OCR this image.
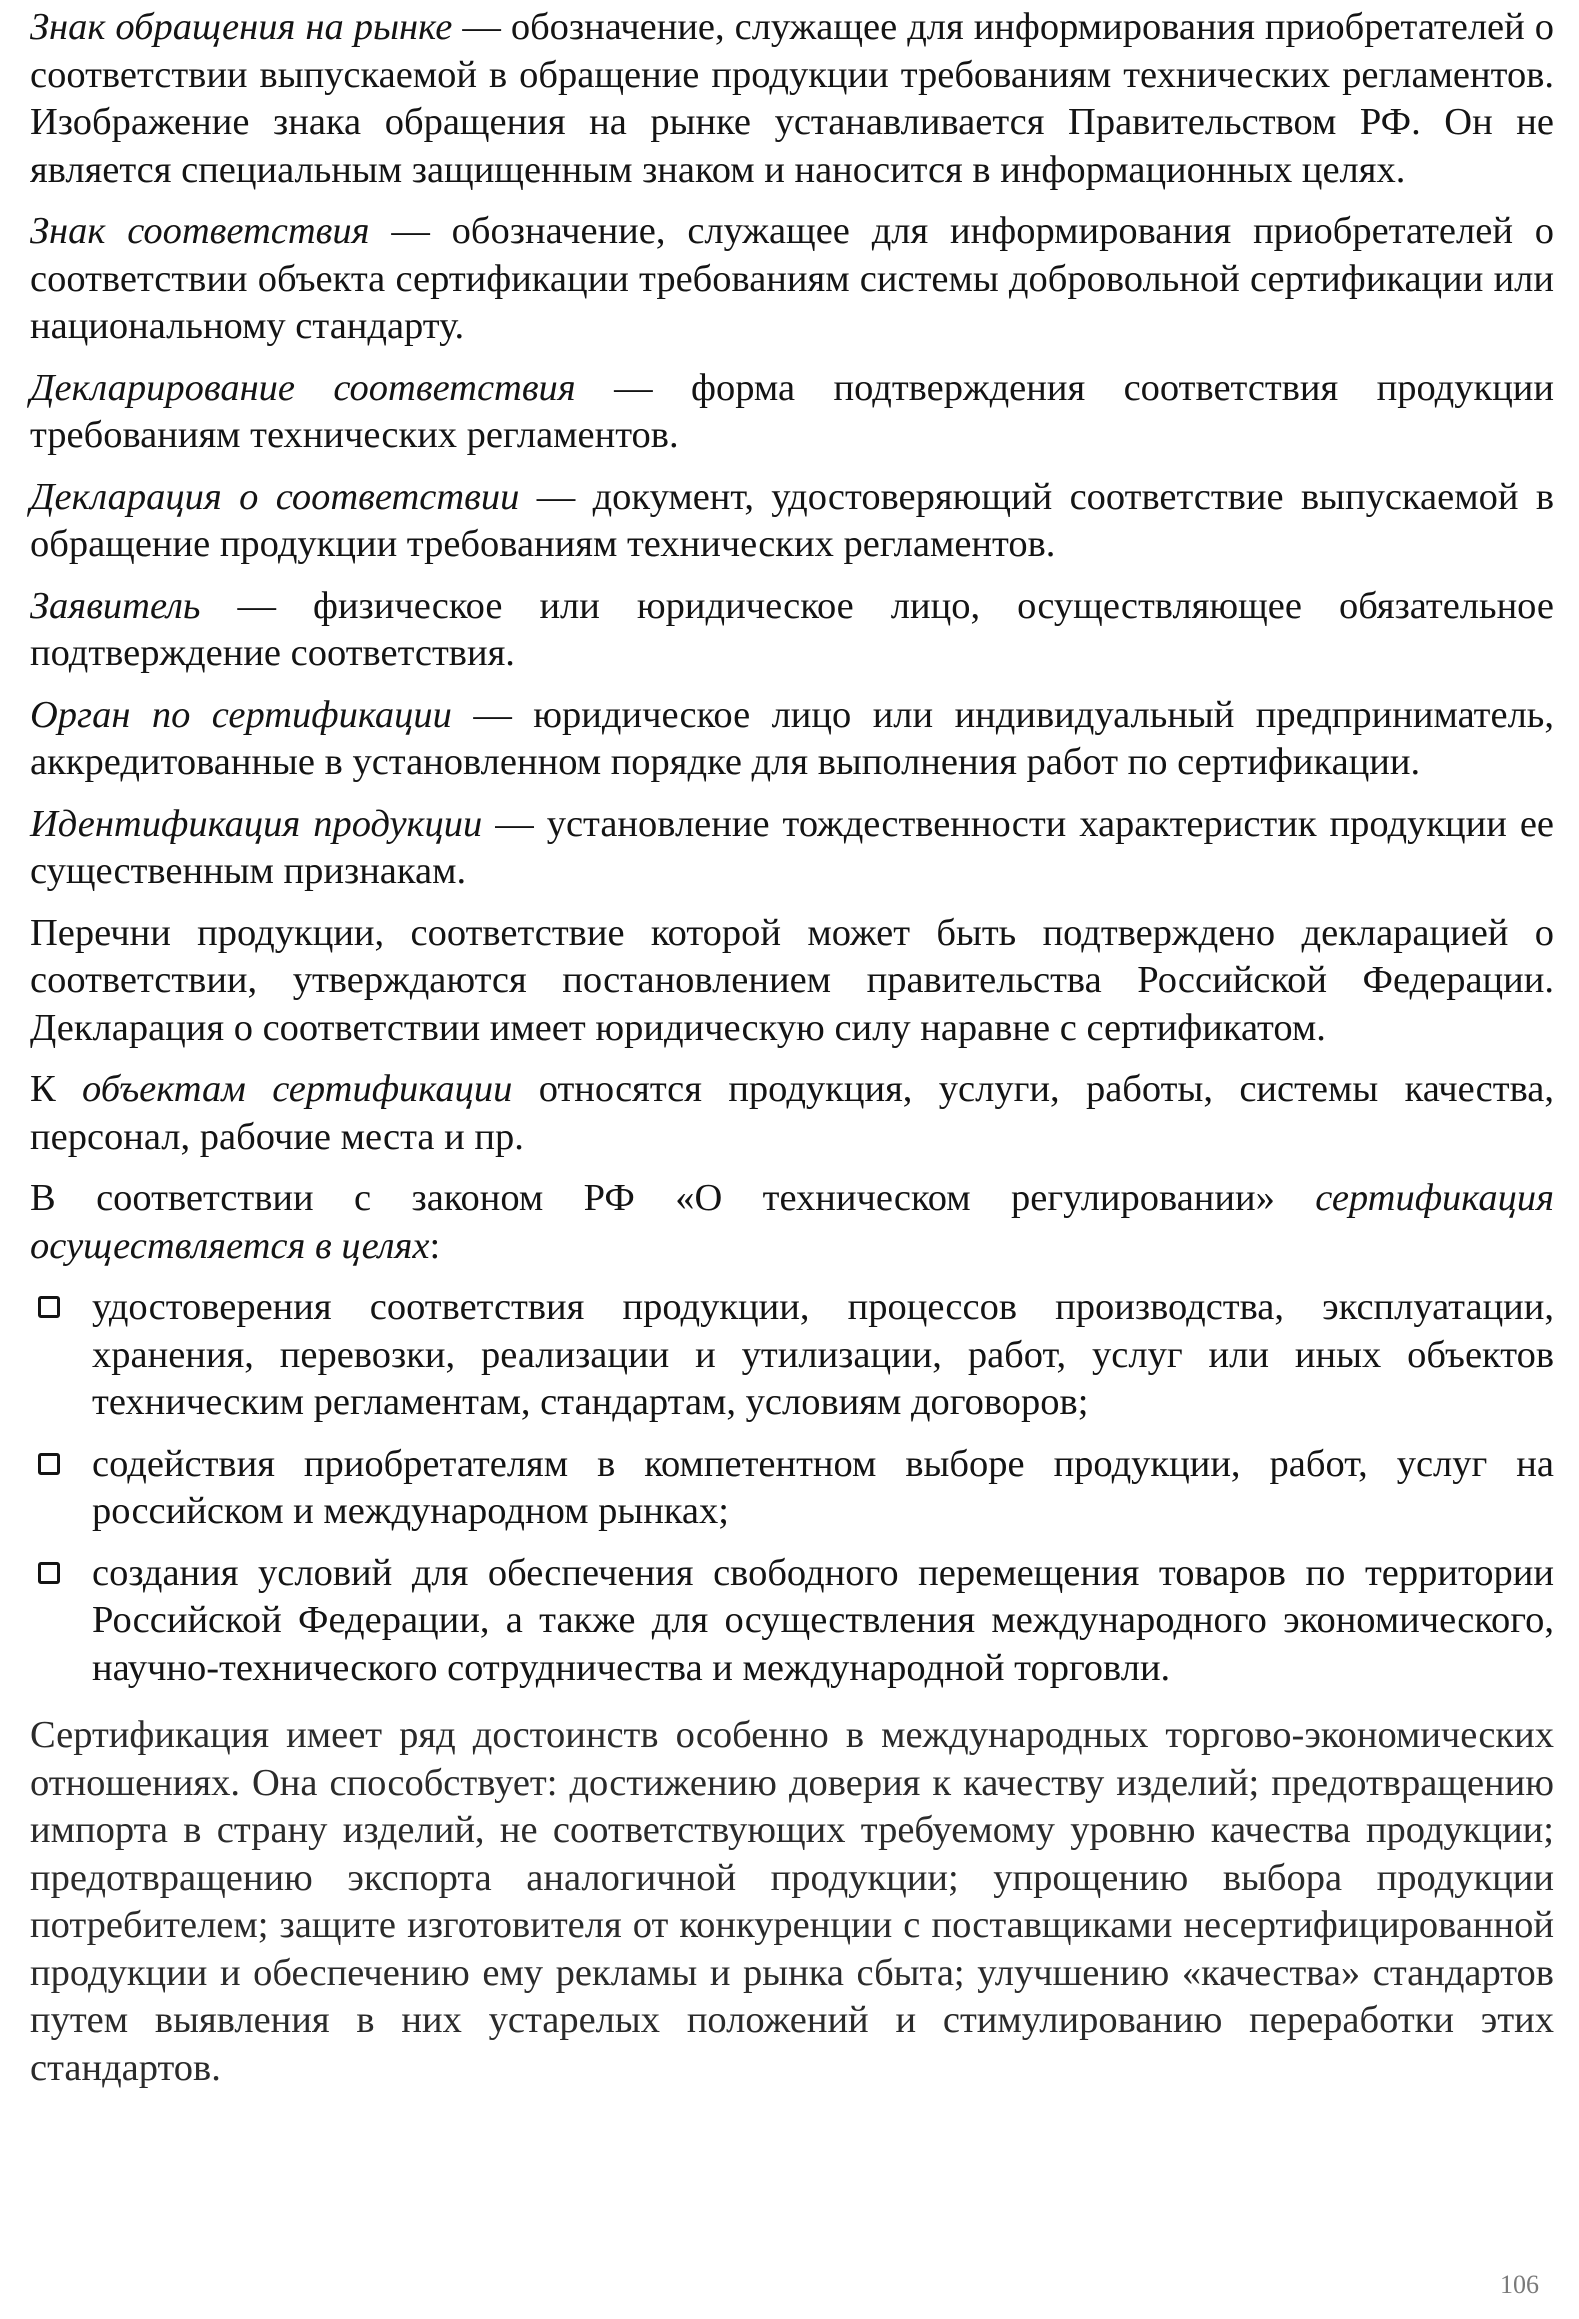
Знак обращения на рынке — обозначение, служащее для информирования приобретателей о соответствии выпускаемой в обращение продукции требованиям технических регламентов. Изображение знака обращения на рынке устанавливается Правительством РФ. Он не является специальным защищенным знаком и наносится в информационных целях.

Знак соответствия — обозначение, служащее для информирования приобретателей о соответствии объекта сертификации требованиям системы добровольной сертификации или национальному стандарту.

Декларирование соответствия — форма подтверждения соответствия продукции требованиям технических регламентов.

Декларация о соответствии — документ, удостоверяющий соответствие выпускаемой в обращение продукции требованиям технических регламентов.

Заявитель — физическое или юридическое лицо, осуществляющее обязательное подтверждение соответствия.

Орган по сертификации — юридическое лицо или индивидуальный предприниматель, аккредитованные в установленном порядке для выполнения работ по сертификации.

Идентификация продукции — установление тождественности характеристик продукции ее существенным признакам.

Перечни продукции, соответствие которой может быть подтверждено декларацией о соответствии, утверждаются постановлением правительства Российской Федерации. Декларация о соответствии имеет юридическую силу наравне с сертификатом.

К объектам сертификации относятся продукция, услуги, работы, системы качества, персонал, рабочие места и пр.

В соответствии с законом РФ «О техническом регулировании» сертификация осуществляется в целях:

удостоверения соответствия продукции, процессов производства, эксплуатации, хранения, перевозки, реализации и утилизации, работ, услуг или иных объектов техническим регламентам, стандартам, условиям договоров;
содействия приобретателям в компетентном выборе продукции, работ, услуг на российском и международном рынках;
создания условий для обеспечения свободного перемещения товаров по территории Российской Федерации, а также для осуществления международного экономического, научно-технического сотрудничества и международной торговли.

Сертификация имеет ряд достоинств особенно в международных торгово-экономических отношениях. Она способствует: достижению доверия к качеству изделий; предотвращению импорта в страну изделий, не соответствующих требуемому уровню качества продукции; предотвращению экспорта аналогичной продукции; упрощению выбора продукции потребителем; защите изготовителя от конкуренции с поставщиками несертифицированной продукции и обеспечению ему рекламы и рынка сбыта; улучшению «качества» стандартов путем выявления в них устарелых положений и стимулированию переработки этих стандартов.

106
